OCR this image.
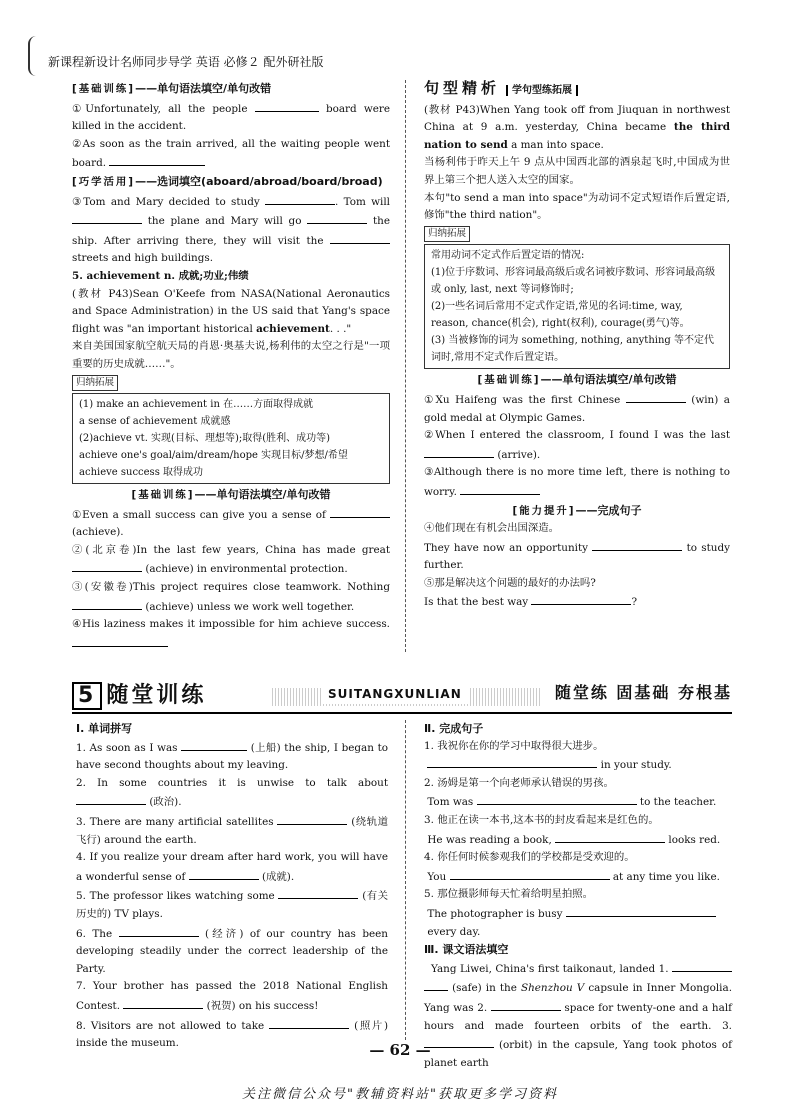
新课程新设计名师同步导学 英语 必修２ 配外研社版

[基础训练]——单句语法填空/单句改错

①Unfortunately, all the people	board were killed in the accident.

②As soon as the train arrived, all the waiting people went board.

[巧学活用]——选词填空(aboard/abroad/board/broad)

③Tom and Mary decided to study	. Tom will  the plane and Mary will go	the ship. After arriving there, they will visit the  streets and high buildings.

5. achievement n. 成就;功业;伟绩

(教材 P43)Sean O'Keefe from NASA(National Aeronautics and Space Administration) in the US said that Yang's space flight was "an important historical achievement. . ."

来自美国国家航空航天局的肖恩·奥基夫说,杨利伟的太空之行是"一项重要的历史成就……"。

归纳拓展

(1) make an achievement in 在……方面取得成就
a sense of achievement 成就感
(2)achieve vt. 实现(目标、理想等);取得(胜利、成功等)
achieve one's goal/aim/dream/hope 实现目标/梦想/希望
achieve success 取得成功

[基础训练]——单句语法填空/单句改错

①Even a small success can give you a sense of  (achieve).

②(北京卷)In the last few years, China has made great  (achieve) in environmental protection.

③(安徽卷)This project requires close teamwork. Nothing  (achieve) unless we work well together.

④His laziness makes it impossible for him achieve success.

句型精析 学句型练拓展

(教材 P43)When Yang took off from Jiuquan in northwest China at 9 a.m. yesterday, China became the third nation to send a man into space.

当杨利伟于昨天上午 9 点从中国西北部的酒泉起飞时,中国成为世界上第三个把人送入太空的国家。

本句"to send a man into space"为动词不定式短语作后置定语,修饰"the third nation"。

归纳拓展

常用动词不定式作后置定语的情况:
(1)位于序数词、形容词最高级后或名词被序数词、形容词最高级或 only, last, next 等词修饰时;
(2)一些名词后常用不定式作定语,常见的名词:time, way, reason, chance(机会), right(权利), courage(勇气)等。
(3) 当被修饰的词为 something, nothing, anything 等不定代词时,常用不定式作后置定语。

[基础训练]——单句语法填空/单句改错

①Xu Haifeng was the first Chinese	(win) a gold medal at Olympic Games.

②When I entered the classroom, I found I was the last  (arrive).

③Although there is no more time left, there is nothing to worry.

[能力提升]——完成句子

④他们现在有机会出国深造。

They have now an opportunity	to study further.

⑤那是解决这个问题的最好的办法吗?

Is that the best way	?

5 随堂训练	SUITANGXUNLIAN	随堂练 固基础 夯根基

Ⅰ. 单词拼写

1. As soon as I was	(上船) the ship, I began to have second thoughts about my leaving.

2. In some countries it is unwise to talk about  (政治).

3. There are many artificial satellites	(绕轨道飞行) around the earth.

4. If you realize your dream after hard work, you will have a wonderful sense of	(成就).

5. The professor likes watching some	(有关历史的) TV plays.

6. The	(经济) of our country has been developing steadily under the correct leadership of the Party.

7. Your brother has passed the 2018 National English Contest.	(祝贺) on his success!

8. Visitors are not allowed to take	(照片) inside the museum.

Ⅱ. 完成句子

1. 我祝你在你的学习中取得很大进步。

in your study.

2. 汤姆是第一个向老师承认错误的男孩。

Tom was	to the teacher.

3. 他正在读一本书,这本书的封皮看起来是红色的。

He was reading a book,	looks red.

4. 你任何时候参观我们的学校都是受欢迎的。

You	at any time you like.

5. 那位摄影师每天忙着给明星拍照。

The photographer is busy

every day.

Ⅲ. 课文语法填空

Yang Liwei, China's first taikonaut, landed 1.   (safe) in the Shenzhou V capsule in Inner Mongolia. Yang was 2.	space for twenty-one and a half hours and made fourteen orbits of the earth. 3.  (orbit) in the capsule, Yang took photos of planet earth

— 62 —
关注微信公众号"教辅资料站"获取更多学习资料
